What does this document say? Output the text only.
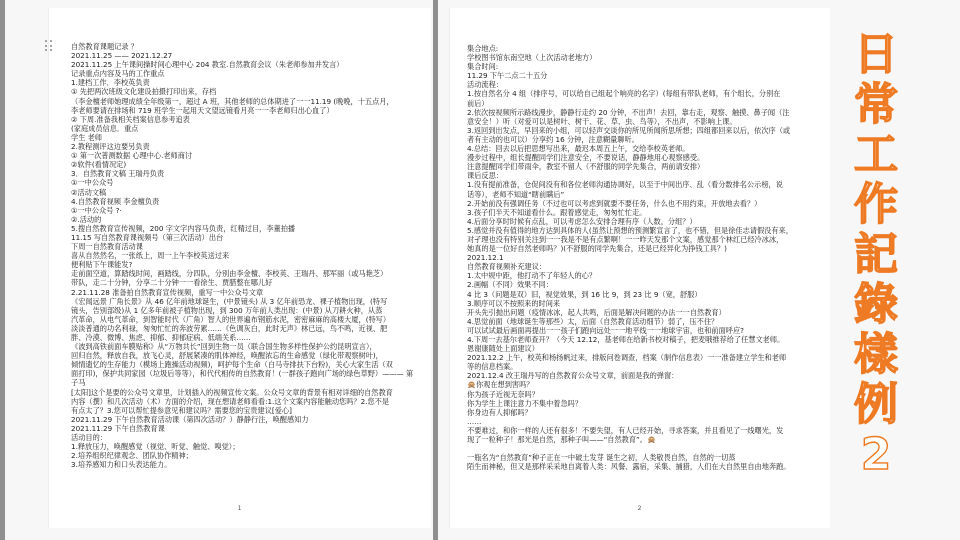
自然教育课题记录 ？
2021.11.25 —— 2021.12.27
2021.11.25 上午课间操时间心理中心 204 教室.自然教育会议（朱老师参加并发言）
记录重点内容及马的工作重点
1.建档工作．李校英负责
① 先把两次班级文化建设拍摄打印出来，存档
（李金檀老师她理成绩全年级第一，超过 A 班，其他老师的总体期进了一一11.19 (晚晚，十五点月，
李老师要请在排场和 719 班学生一起用天文望远镜看月亮一一李老师归出心血了）
② 下周.准备我相关档案信息参考追表
(家庭成员信息．重点
学生 老师
2.教程测评这边要另负责
① 第一次普测数据 心理中心.老师商讨
②软件(看情况定)
3．自然教育文稿 王瑞丹负责
①一中公众号
②活动文稿
4.自然教育视频 李金檀负责
①一中公众号 ?·
②.活动的
5.搜自然教育宣传视频，200 字文字内容马负责，红精过目，李董拍播
11.15 写自然教育课视频号（第三次活动）出台
下周一自然教育活动课
喜从自然然名，一张纸上，周一上午李校英送过来
便利贴下午课能发?
走前面空道，算踏线时间，画踏线，分四队，分别由李金檀、李校英、王瑞丹、那军丽（或马艳芝）
带队，走二十分钟，分享二十分钟一一看徐生、贾腊整在哪儿好
2.21.11.28 准备拍自然教育宣传视频，重写一中公众号文章
《宏闻远景 广角长景》从 46 亿年前地球诞生，(中景镜头) 从 3 亿年前恐龙、裸子植物出现，(特写
镜头，告别部级)从 1 亿多年前被子植物出现，到 300 万年前人类出现：(中景) 从刀耕火种，从蒸
汽革命，从电气革命，到智能时代（广角）智人的世界遍布钢筋水泥，密密麻麻的高楼大厦，(特写）
淡淡普通的功名利禄，匆匆忙忙的奔波劳累……《色调灰白，此时无声》林已远，鸟不鸣，近视、肥
胖、冷漠、微博、焦虑、抑郁、抑郁症病、低端关系……
《波到高铁前面车膜贴称》从“万物共长”回到生物一员（联合国生物多样性保护公约昆明宣言），
回归自然，释放自我，放飞心灵，舒展紧凑的肌体神经，唤醒浓忘的生命感觉（绿化带观察树叶)，
倾情遗忆的生存能力（模场上跑操活动视频)，呵护每个生命（白马寺排扶下台粉)，关心大家生活（双
面打印)，保护共同家园（垃圾后等等），和代代相传的自然教育！(一群孩子跑向广场的绿色草野）——— 第
子马
[太阳]这个是要的公众号文章里，计划插入的视频宣传文案。公众号文章的背景有相对详细的自然教育
内容（撰）和几次活动（术）方面的介绍，现在想请老师看看:1.这个文案内容能触动您吗？2.您不是
有点太了？3.您可以帮忙提参意见和建议吗？需要您的宝贵建议[爱心]
2021.11.29 下午自然教育活动课（第四次活动？）静静行注，唤醒感知力
2021.11.29 下午自然教育课
活动目的：
1.释放压力，唤醒感觉（视觉、听觉、触觉、嗅觉）；
2.培养组织纪律观念、团队协作精神；
3.培养感知力和口头表达能力。
1
集合地点:
学校图书馆东南空地（上次活动老地方）
集合时间:
11.29 下午二点二十五分
活动流程：
1.按自然名分 4 组（排序号，可以给自己组起个响亮的名字）(每组有带队老师，有个组长，分别在
前后）
2.依次按视频所示路线漫步，静静行走约 20 分钟，不出声！去回，靠右走，观察、触摸、鼻子闻（注
意安全！）听（对爱可以是树叶、树干、花、草、虫、鸟等），不出声，不影响上课。
3.返回到出发点，早回来的小组，可以轻声交谈你的所见所闻所思所想；四组都回来以后，依次序（或
者有主动的也可以）分享约 16 分钟，注意糊量聊听。
4.总结：回去以后把思想写出来，最迟本周五上午，交给李校英老师。
漫步过程中，组长提醒同学们注意安全，不要说话，静静地用心观察感受。
注意提醒同学们带雨伞，教室不留人（不舒服的同学先集合，两前请安排）
课后反思：
1.没有提前准备，仓促间没有和各位老师沟通协调好，以至于中间出序、乱（看分数排名公示榜，说
话等），老师不知道“瞎前瞒后”
2.开始前没有强调任务（不过也可以考虑到就要不要任务，什么也不用约束，开放地去看？）
3.孩子们半天不知道看什么。跟着感觉走，匆匆忙忙走。
4.后面分享时时候有点乱，可以考虑怎么安排合理有序（人数，分组？）
5.感觉并没有值得的地方达到具体的人(虽然让预想的预测繁宣言了，也不错，但是徐佳志请假没有来，
对孑理也没有特别关注到一一我是不是有点繁啊！一一昨天发那个文案，感觉那个林红已经冷冰冰，
她真的是一位好自然老师吗？)(不舒服的同学先集合，还是已经异化为挣钱工具？)
2021.12.1
自然教育视频补充建议：
1.太中规中距，他打动不了年轻人的心？
2.画幅（不同）效果不同：
4 比 3（问题是双）旧，视觉效果，到 16 比 9，到 23 比 9（宽，舒服）
3.顺序可以不按照来的时间来
开头先引抛出问题（疫情冰冰，起人共鸣，后面是解决问题的办法一一自然教育）
4.思觉前面（地球诞生等那些）太，后面（自然教育活动细节）弱了，压不住？
可以试试最后画面再提出一一孩子们跑向远处一一地平线一一地球宇宙，也和前面呼应?
4.下周一去基尔老师查开？（今天 12.12，基老师在给新书校对稿子，把麦哦推荐给了任慧文老师。
恩谢康随处上面建议）
2021.12.2 上午，校英和杨扬帆过来，排版问卷调查，档案（制作信息表）一一准备建立学生和老师
等的信息档案。
2021.12.4 改王瑞丹写的自然教育公众号文章，前面是我的弹窗：
🙊你观在想到害吗？
你为孩子近视无奈吗？
你为学生上课注意力不集中着急吗？
你身边有人抑郁吗？
……
不要难过，和你一样的人还有很多！不要失望，有人已经开始，寻求答案，并且看见了一线曙光，发
现了一粒种子！那光是自然，那种子叫——“自然教育”。🙊
一瓶名为“自然教育”种子正在一中破土发芽 诞生之初，人类敬畏自然，自然的一切蒸
陌生而神秘，但又是那样采采地自离着人类：风餐、露宿，采集、捕猎，人们在大自然里自由地奔跑。
2
日
常
工
作
記
錄
樣
例
2
